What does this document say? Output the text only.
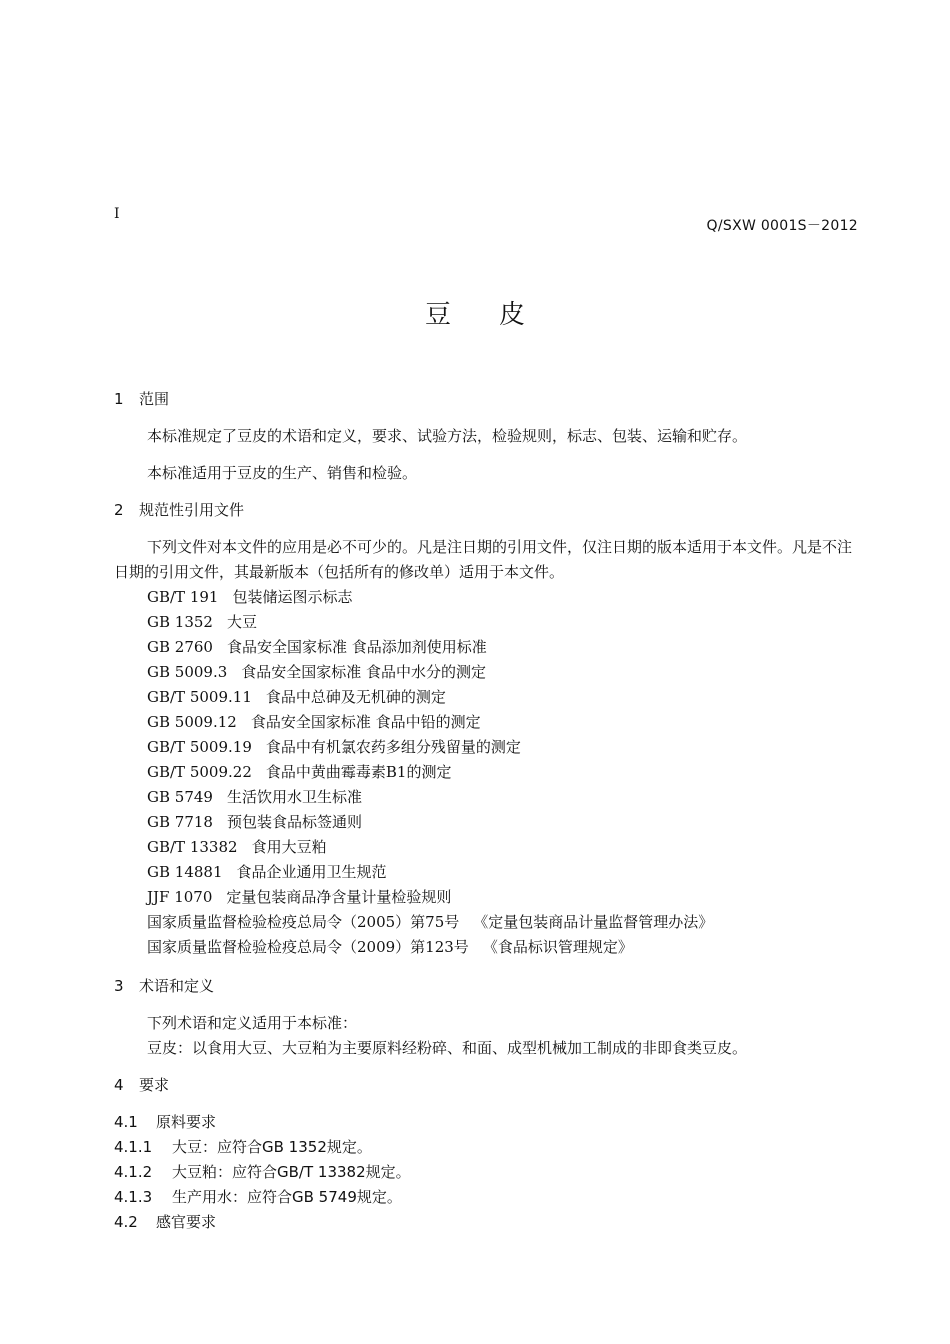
I
Q/SXW 0001S－2012
豆皮
1 范围
本标准规定了豆皮的术语和定义，要求、试验方法，检验规则，标志、包装、运输和贮存。
本标准适用于豆皮的生产、销售和检验。
2 规范性引用文件
下列文件对本文件的应用是必不可少的。凡是注日期的引用文件，仅注日期的版本适用于本文件。凡是不注日期的引用文件，其最新版本（包括所有的修改单）适用于本文件。
GB/T 191 包装储运图示标志
GB 1352 大豆
GB 2760 食品安全国家标准 食品添加剂使用标准
GB 5009.3 食品安全国家标准 食品中水分的测定
GB/T 5009.11 食品中总砷及无机砷的测定
GB 5009.12 食品安全国家标准 食品中铅的测定
GB/T 5009.19 食品中有机氯农药多组分残留量的测定
GB/T 5009.22 食品中黄曲霉毒素B1的测定
GB 5749 生活饮用水卫生标准
GB 7718 预包装食品标签通则
GB/T 13382 食用大豆粕
GB 14881 食品企业通用卫生规范
JJF 1070 定量包装商品净含量计量检验规则
国家质量监督检验检疫总局令（2005）第75号 《定量包装商品计量监督管理办法》
国家质量监督检验检疫总局令（2009）第123号 《食品标识管理规定》
3 术语和定义
下列术语和定义适用于本标准：
豆皮：以食用大豆、大豆粕为主要原料经粉碎、和面、成型机械加工制成的非即食类豆皮。
4 要求
4.1 原料要求
4.1.1 大豆：应符合GB 1352规定。
4.1.2 大豆粕：应符合GB/T 13382规定。
4.1.3 生产用水：应符合GB 5749规定。
4.2 感官要求
